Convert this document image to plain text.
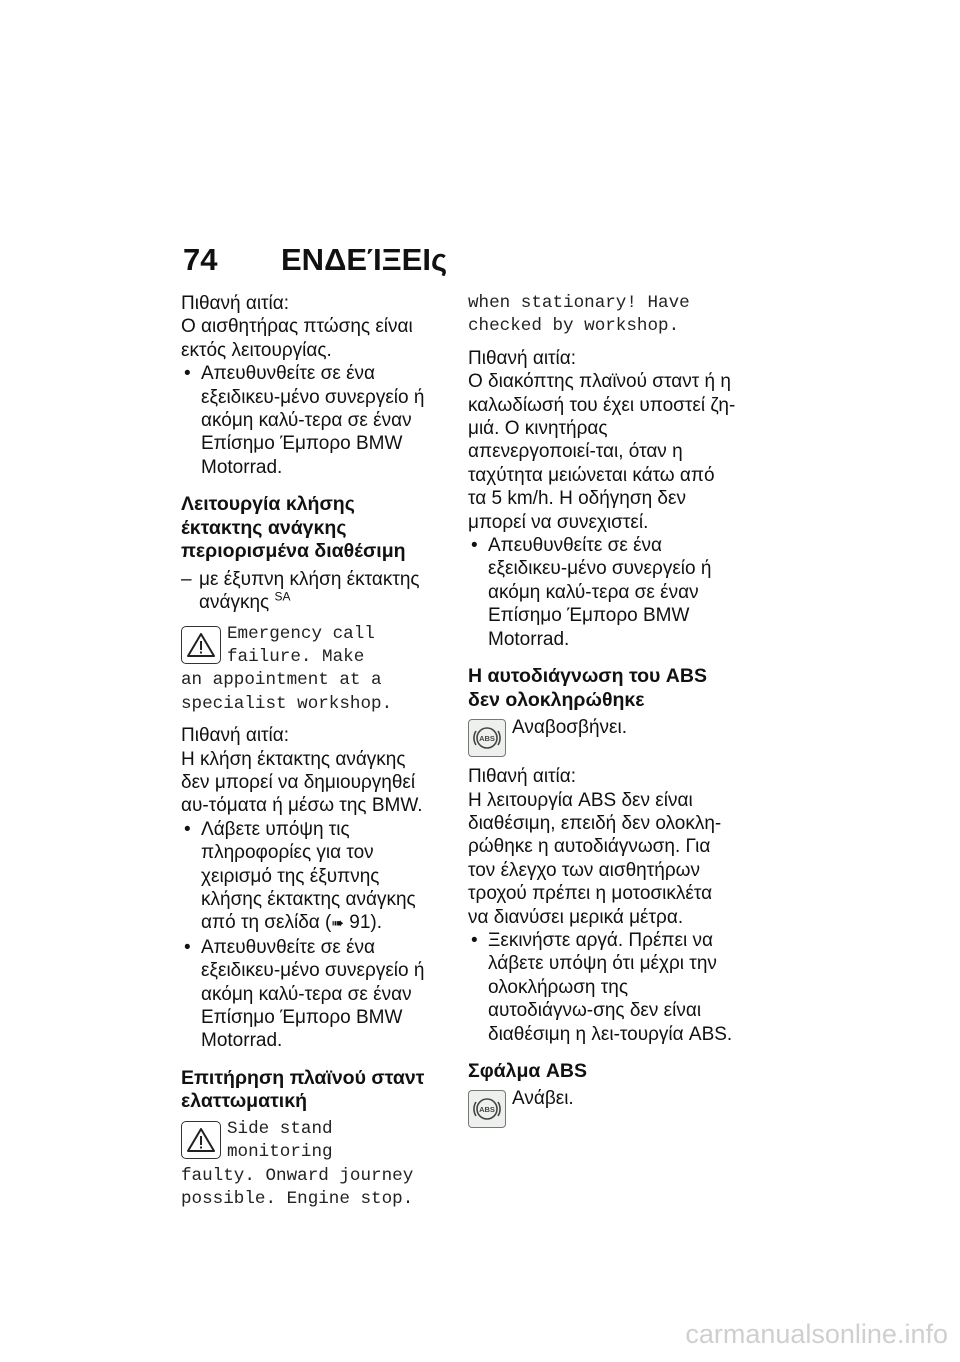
74 ΕΝΔΕΊΞΕΙς

Πιθανή αιτία:

Ο αισθητήρας πτώσης είναι εκτός λειτουργίας.

• Απευθυνθείτε σε ένα εξειδικευ-μένο συνεργείο ή ακόμη καλύ-τερα σε έναν Επίσημο Έμπορο BMW Motorrad.

Λειτουργία κλήσης έκτακτης ανάγκης περιορισμένα διαθέσιμη
– με έξυπνη κλήση έκτακτης ανάγκης $^{SA}$
Emergency call
failure. Make
an appointment at a specialist workshop.

Πιθανή αιτία:

Η κλήση έκτακτης ανάγκης δεν μπορεί να δημιουργηθεί αυ-τόματα ή μέσω της BMW.

• Λάβετε υπόψη τις πληροφορίες για τον χειρισμό της έξυπνης κλήσης έκτακτης ανάγκης από τη σελίδα (➠ 91).

• Απευθυνθείτε σε ένα εξειδικευ-μένο συνεργείο ή ακόμη καλύ-τερα σε έναν Επίσημο Έμπορο BMW Motorrad.

Επιτήρηση πλαϊνού σταντ ελαττωματική
Side stand
monitoring
faulty. Onward journey possible. Engine stop.
when stationary! Have checked by workshop.

Πιθανή αιτία:

Ο διακόπτης πλαϊνού σταντ ή η καλωδίωσή του έχει υποστεί ζη-μιά. Ο κινητήρας απενεργοποιεί-ται, όταν η ταχύτητα μειώνεται κάτω από τα 5 km/h. Η οδήγηση δεν μπορεί να συνεχιστεί.

• Απευθυνθείτε σε ένα εξειδικευ-μένο συνεργείο ή ακόμη καλύ-τερα σε έναν Επίσημο Έμπορο BMW Motorrad.

Η αυτοδιάγνωση του ABS δεν ολοκληρώθηκε
ABS
Αναβοσβήνει.

Πιθανή αιτία:

Η λειτουργία ABS δεν είναι διαθέσιμη, επειδή δεν ολοκλη-ρώθηκε η αυτοδιάγνωση. Για τον έλεγχο των αισθητήρων τροχού πρέπει η μοτοσικλέτα να διανύσει μερικά μέτρα.

• Ξεκινήστε αργά. Πρέπει να λάβετε υπόψη ότι μέχρι την ολοκλήρωση της αυτοδιάγνω-σης δεν είναι διαθέσιμη η λει-τουργία ABS.

Σφάλμα ABS
ABS
Ανάβει.
carmanualsonline.info
